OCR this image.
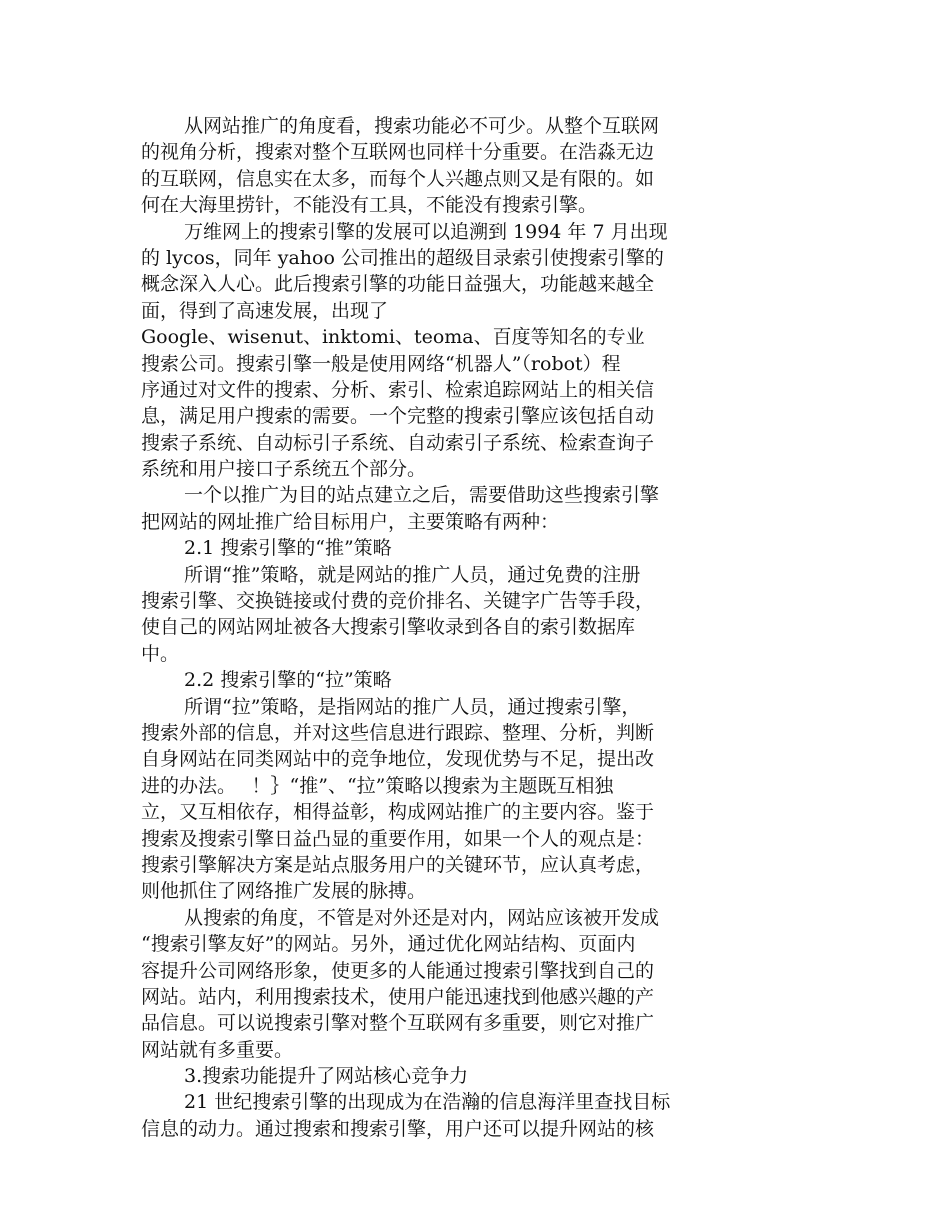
从网站推广的角度看，搜索功能必不可少。从整个互联网
的视角分析，搜索对整个互联网也同样十分重要。在浩淼无边
的互联网，信息实在太多，而每个人兴趣点则又是有限的。如
何在大海里捞针，不能没有工具，不能没有搜索引擎。
万维网上的搜索引擎的发展可以追溯到 1994 年 7 月出现
的 lycos，同年 yahoo 公司推出的超级目录索引使搜索引擎的
概念深入人心。此后搜索引擎的功能日益强大，功能越来越全
面，得到了高速发展，出现了
Google、wisenut、inktomi、teoma、百度等知名的专业
搜索公司。搜索引擎一般是使用网络“机器人”（robot）程
序通过对文件的搜索、分析、索引、检索追踪网站上的相关信
息，满足用户搜索的需要。一个完整的搜索引擎应该包括自动
搜索子系统、自动标引子系统、自动索引子系统、检索查询子
系统和用户接口子系统五个部分。
一个以推广为目的站点建立之后，需要借助这些搜索引擎
把网站的网址推广给目标用户，主要策略有两种：
2.1 搜索引擎的“推”策略
所谓“推”策略，就是网站的推广人员，通过免费的注册
搜索引擎、交换链接或付费的竞价排名、关键字广告等手段，
使自己的网站网址被各大搜索引擎收录到各自的索引数据库
中。
2.2 搜索引擎的“拉”策略
所谓“拉”策略，是指网站的推广人员，通过搜索引擎，
搜索外部的信息，并对这些信息进行跟踪、整理、分析，判断
自身网站在同类网站中的竞争地位，发现优势与不足，提出改
进的办法。　 ！｝“推”、“拉”策略以搜索为主题既互相独
立，又互相依存，相得益彰，构成网站推广的主要内容。鉴于
搜索及搜索引擎日益凸显的重要作用，如果一个人的观点是：
搜索引擎解决方案是站点服务用户的关键环节，应认真考虑，
则他抓住了网络推广发展的脉搏。
从搜索的角度，不管是对外还是对内，网站应该被开发成
“搜索引擎友好”的网站。另外，通过优化网站结构、页面内
容提升公司网络形象，使更多的人能通过搜索引擎找到自己的
网站。站内，利用搜索技术，使用户能迅速找到他感兴趣的产
品信息。可以说搜索引擎对整个互联网有多重要，则它对推广
网站就有多重要。
3.搜索功能提升了网站核心竞争力
21 世纪搜索引擎的出现成为在浩瀚的信息海洋里查找目标
信息的动力。通过搜索和搜索引擎，用户还可以提升网站的核
